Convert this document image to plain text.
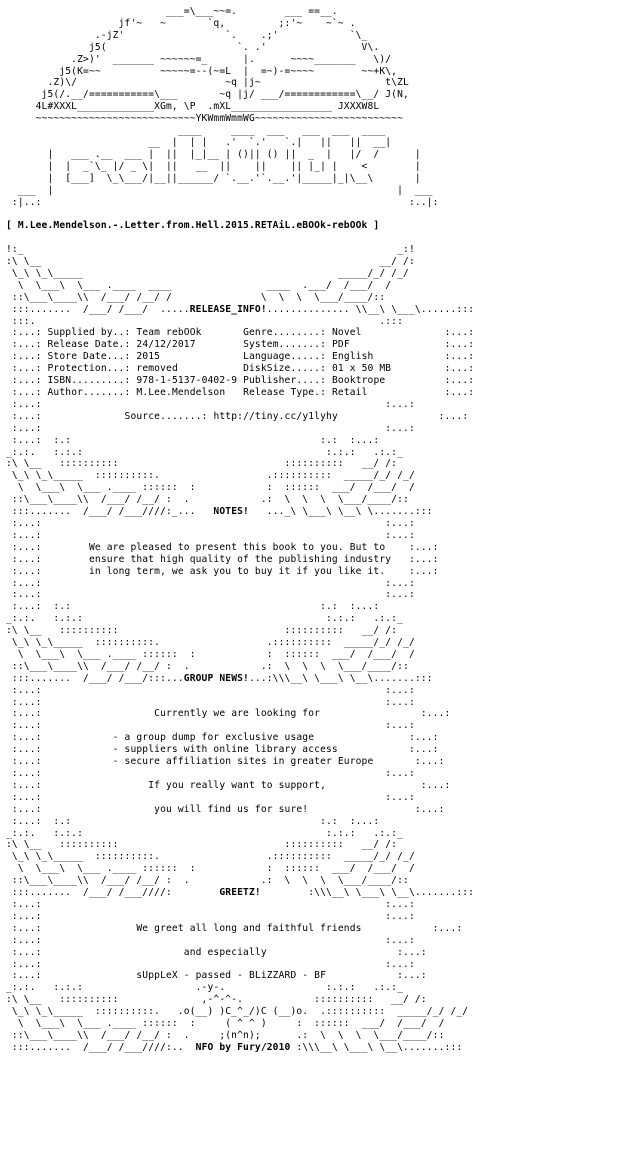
___=\___~~=.        ___ ==__.
jf'~   ~       `q,         ;:'~    ~`~ .
.-jZ'                 `.    .;'            `\_
j5(                      `. .'                V\.
.Z>)'  _______ ~~~~~~=_      |.      ~~~~_______   \)/
j5(K=~~          ~~~~~=--(~=L  |  =~)-=~~~~        ~~+K\,
.Z)\/                         ~q |j~                     t\ZL
j5(/.__/===========\___       ~q |j/ ___/============\__/ J(N,
4L#XXXL_____________XGm, \P  .mXL_________________ JXXXW8L
~~~~~~~~~~~~~~~~~~~~~~~~~~~YKWmmWmmWG~~~~~~~~~~~~~~~~~~~~~~~~~
____     ____  ___   ___  ___  ____
__  |  | |   .'  `.'   `.|   ||   ||  __|
|   ___ .__  ___ |  ||  |_|__ | ()|| () ||  _  |   |/  /      |
|  |  _`\_ |/ _ \|  ||   __  ||    ||    || |_| |    <        |
|  [___]  \_\___/|__||______/ `.__.'`.__.'|_____|_|\__\       |
___  |                                                          |  ___
:|..:                                                              :..|:

[ M.Lee.Mendelson.-.Letter.from.Hell.2015.RETAiL.eBOOk-rebOOk ]

!:_                                                               _:!
:\ \__                                                         __/ /:
\_\ \_\_____                                           _____/_/ /_/
\  \___\  \___ .____  ____                ____  .___/  /___/  /
::\___\____\\  /___/ /__/ /               \  \  \  \___/____/::
:::.......  /___/ /___/  .....RELEASE_INFO!.............. \\__\ \___\......:::
:::.                                                          .:::
:...: Supplied by..: Team rebOOk	Genre........: Novel	:...:
:...: Release Date.: 24/12/2017	System.......: PDF	:...:
:...: Store Date...: 2015	Language.....: English	:...:
:...: Protection...: removed	DiskSize.....: 01 x 50 MB	:...:
:...: ISBN.........: 978-1-5137-0402-9 Publisher....: Booktrope	:...:
:...: Author.......: M.Lee.Mendelson Release Type.: Retail	:...:
:...:                                                          :...:
:...:	Source.......: http://tiny.cc/y1lyhy	:...:
:...:                                                          :...:
:...:  :.:                                          :.:  :...:
_:.:.   :.:.:                                         :.:.:   .:.:_
:\ \__   ::::::::::                            ::::::::::   __/ /:
\_\ \_\_____  ::::::::::.                  .::::::::::  _____/_/ /_/
\  \___\  \___ .____ ::::::  :            :  ::::::  ___/  /___/  /
::\___\____\\  /___/ /__/ :  .            .:  \  \  \  \___/____/::
:::.......  /___/ /___////:_...   NOTES!   ..._\ \___\ \__\ \.......:::
:...:                                                          :...:
:...:                                                          :...:
:...:	We are pleased to present this book to you. But to    :...:
:...:	ensure that high quality of the publishing industry   :...:
:...:	in long term, we ask you to buy it if you like it.    :...:
:...:                                                          :...:
:...:                                                          :...:
:...:  :.:                                          :.:  :...:
_:.:.   :.:.:                                         :.:.:   .:.:_
:\ \__   ::::::::::                            ::::::::::   __/ /:
\_\ \_\_____  ::::::::::.                  .::::::::::  _____/_/ /_/
\  \___\  \___ .____ ::::::  :            :  ::::::  ___/  /___/  /
::\___\____\\  /___/ /__/ :  .            .:  \  \  \  \___/____/::
:::.......  /___/ /___/:::...GROUP NEWS!...:\\\__\ \___\ \__\.......:::
:...:                                                          :...:
:...:                                                          :...:
:...:	Currently we are looking for	:...:
:...:                                                          :...:
:...:	- a group dump for exclusive usage	:...:
:...:	- suppliers with online library access	:...:
:...:	- secure affiliation sites in greater Europe	:...:
:...:                                                          :...:
:...:	If you really want to support,	:...:
:...:                                                          :...:
:...:	you will find us for sure!                  :...:
:...:  :.:                                          :.:  :...:
_:.:.   :.:.:                                         :.:.:   .:.:_
:\ \__   ::::::::::                            ::::::::::   __/ /:
\_\ \_\_____  ::::::::::.                  .::::::::::  _____/_/ /_/
\  \___\  \___ .____ ::::::  :            :  ::::::  ___/  /___/  /
::\___\____\\  /___/ /__/ :  .            .:  \  \  \  \___/____/::
:::.......  /___/ /___////:	GREETZ!        :\\\__\ \___\ \__\.......:::
:...:                                                          :...:
:...:                                                          :...:
:...:	We greet all long and faithful friends	:...:
:...:                                                          :...:
:...:	and especially	:...:
:...:                                                          :...:
:...:	sUppLeX - passed - BLiZZARD - BF            :...:
_:.:.   :.:.:                   .-y-.                 :.:.:   .:.:_
:\ \__   ::::::::::              ,-^-^-.            ::::::::::   __/ /:
\_\ \_\_____  ::::::::::.   .o(__) )C_^_/)C (__)o.  .::::::::::  _____/_/ /_/
\  \___\  \___ .____ ::::::  :     ( ^ ^ )     :  ::::::  ___/  /___/  /
::\___\____\\  /___/ /__/ :  .     ;(n^n);      .:  \  \  \  \___/____/::
:::.......  /___/ /___////:..  NFO by Fury/2010 :\\\__\ \___\ \__\.......:::
